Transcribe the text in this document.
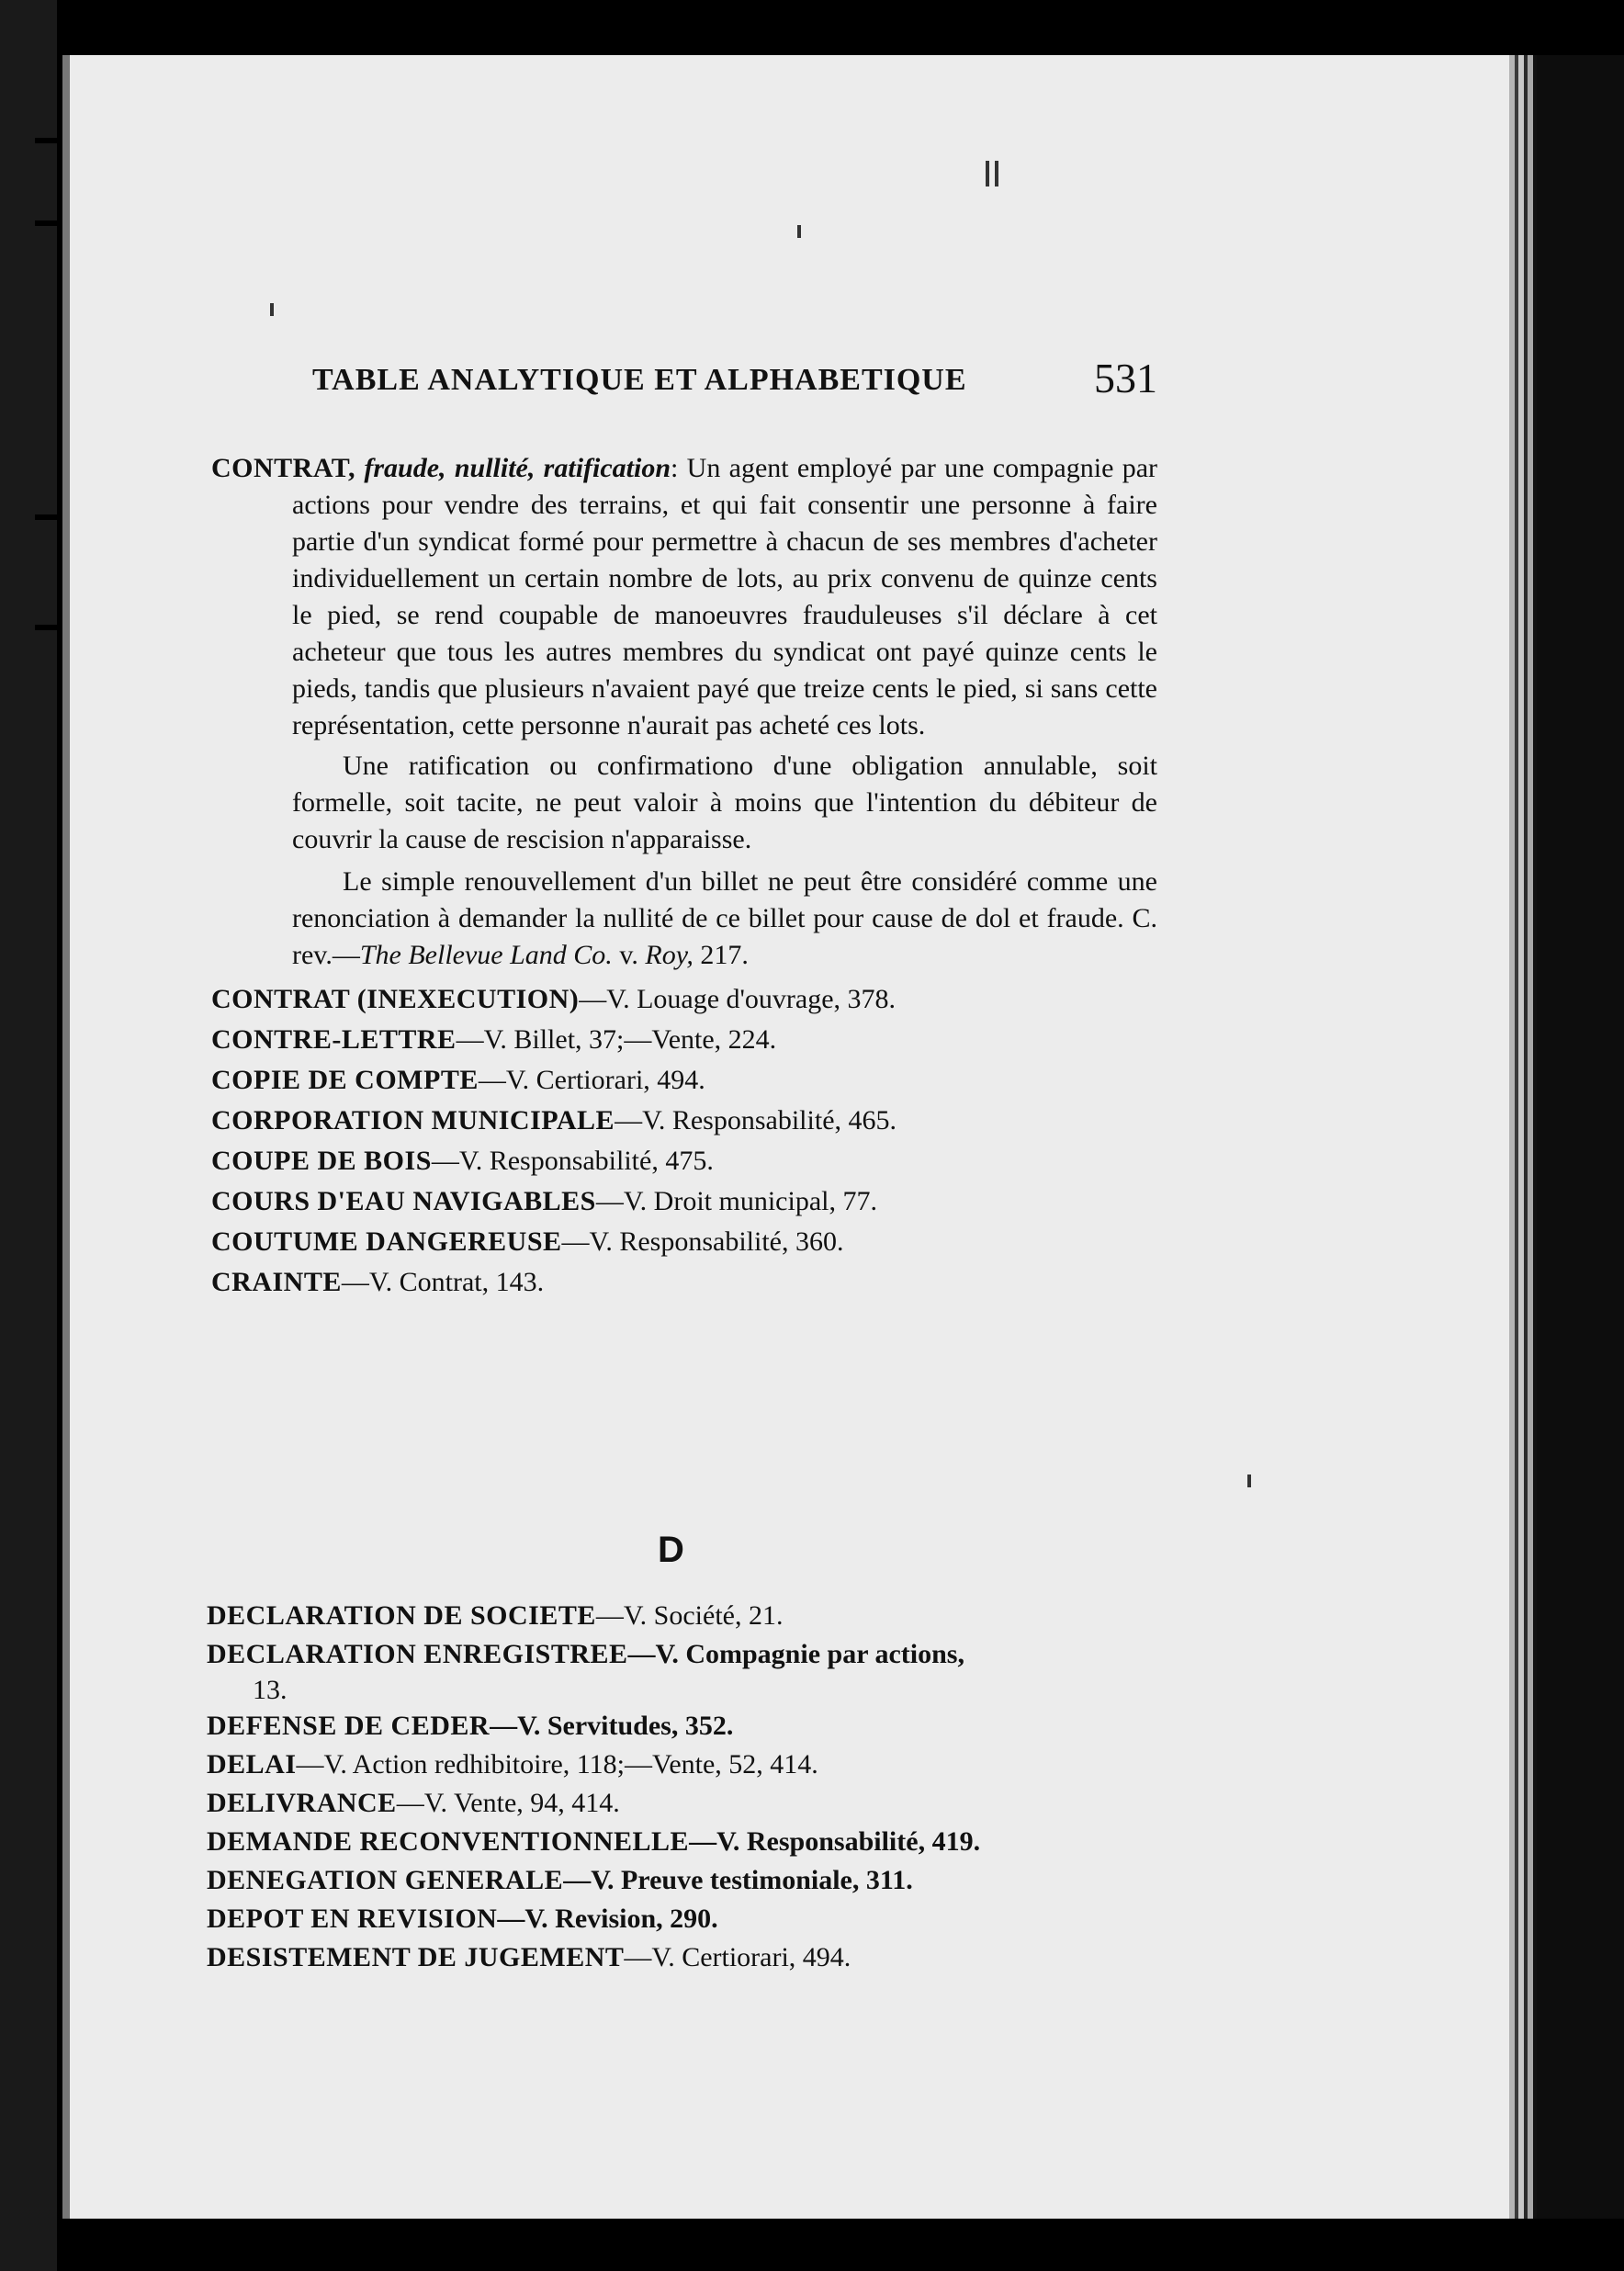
TABLE ANALYTIQUE ET ALPHABETIQUE	531

CONTRAT, fraude, nullité, ratification: Un agent employé par une compagnie par actions pour vendre des terrains, et qui fait consentir une personne à faire partie d'un syndicat formé pour permettre à chacun de ses membres d'acheter individuellement un certain nombre de lots, au prix convenu de quinze cents le pied, se rend coupable de manoeuvres frauduleuses s'il déclare à cet acheteur que tous les autres membres du syndicat ont payé quinze cents le pieds, tandis que plusieurs n'avaient payé que treize cents le pied, si sans cette représentation, cette personne n'aurait pas acheté ces lots.

Une ratification ou confirmationo d'une obligation annulable, soit formelle, soit tacite, ne peut valoir à moins que l'intention du débiteur de couvrir la cause de rescision n'apparaisse.

Le simple renouvellement d'un billet ne peut être considéré comme une renonciation à demander la nullité de ce billet pour cause de dol et fraude. C. rev.—The Bellevue Land Co. v. Roy, 217.

CONTRAT (INEXECUTION)—V. Louage d'ouvrage, 378.
CONTRE-LETTRE—V. Billet, 37;—Vente, 224.
COPIE DE COMPTE—V. Certiorari, 494.
CORPORATION MUNICIPALE—V. Responsabilité, 465.
COUPE DE BOIS—V. Responsabilité, 475.
COURS D'EAU NAVIGABLES—V. Droit municipal, 77.
COUTUME DANGEREUSE—V. Responsabilité, 360.
CRAINTE—V. Contrat, 143.
D
DECLARATION DE SOCIETE—V. Société, 21.
DECLARATION ENREGISTREE—V. Compagnie par actions,
13.
DEFENSE DE CEDER—V. Servitudes, 352.
DELAI—V. Action redhibitoire, 118;—Vente, 52, 414.
DELIVRANCE—V. Vente, 94, 414.
DEMANDE RECONVENTIONNELLE—V. Responsabilité, 419.
DENEGATION GENERALE—V. Preuve testimoniale, 311.
DEPOT EN REVISION—V. Revision, 290.
DESISTEMENT DE JUGEMENT—V. Certiorari, 494.
